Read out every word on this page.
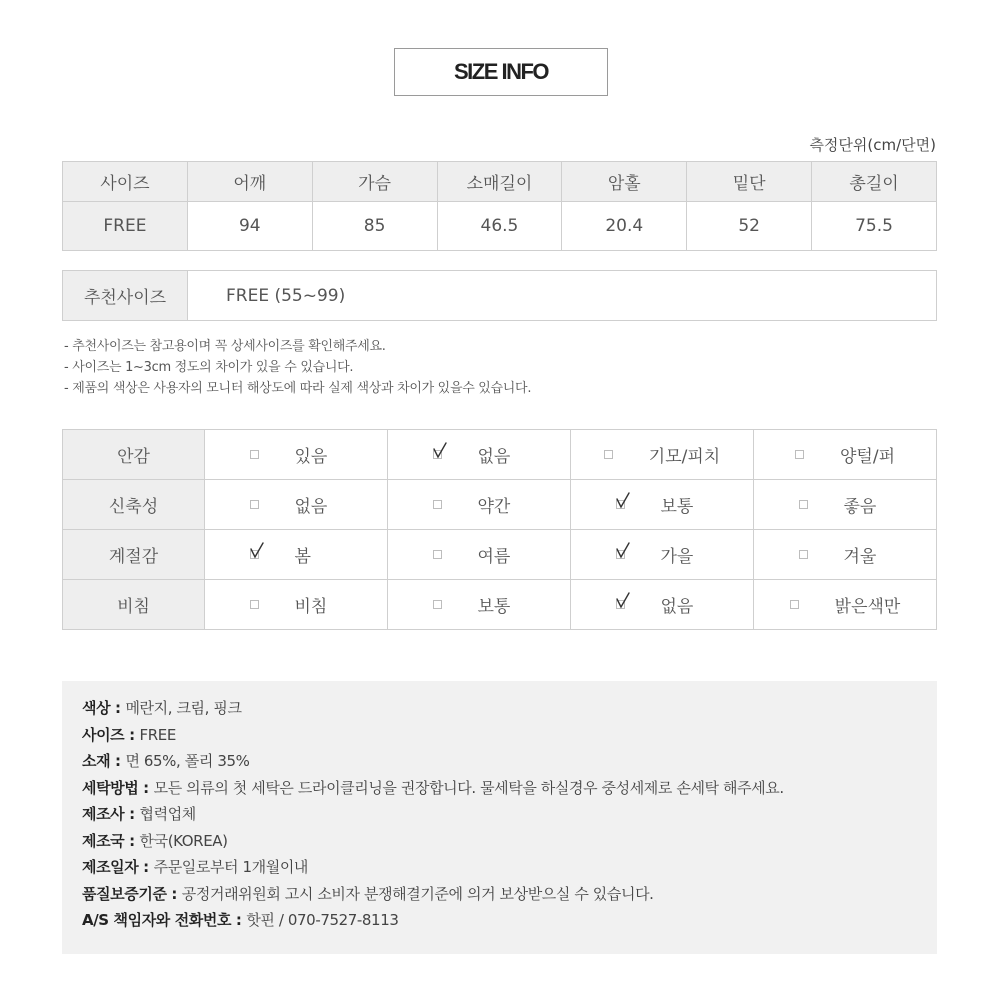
SIZE INFO
측정단위(cm/단면)
사이즈	어깨	가슴	소매길이	암홀	밑단	총길이
FREE	94	85	46.5	20.4	52	75.5
추천사이즈	FREE (55~99)
- 추천사이즈는 참고용이며 꼭 상세사이즈를 확인해주세요.
- 사이즈는 1~3cm 정도의 차이가 있을 수 있습니다.
- 제품의 색상은 사용자의 모니터 해상도에 따라 실제 색상과 차이가 있을수 있습니다.
안감	있음	없음	기모/피치	양털/퍼

신축성	없음	약간	보통	좋음

계절감	봄	여름	가을	겨울

비침	비침	보통	없음	밝은색만
색상 : 메란지, 크림, 핑크
사이즈 : FREE
소재 : 면 65%, 폴리 35%
세탁방법 : 모든 의류의 첫 세탁은 드라이클리닝을 권장합니다. 물세탁을 하실경우 중성세제로 손세탁 해주세요.
제조사 : 협력업체
제조국 : 한국(KOREA)
제조일자 : 주문일로부터 1개월이내
품질보증기준 : 공정거래위원회 고시 소비자 분쟁해결기준에 의거 보상받으실 수 있습니다.
A/S 책임자와 전화번호 : 핫핀 / 070-7527-8113
